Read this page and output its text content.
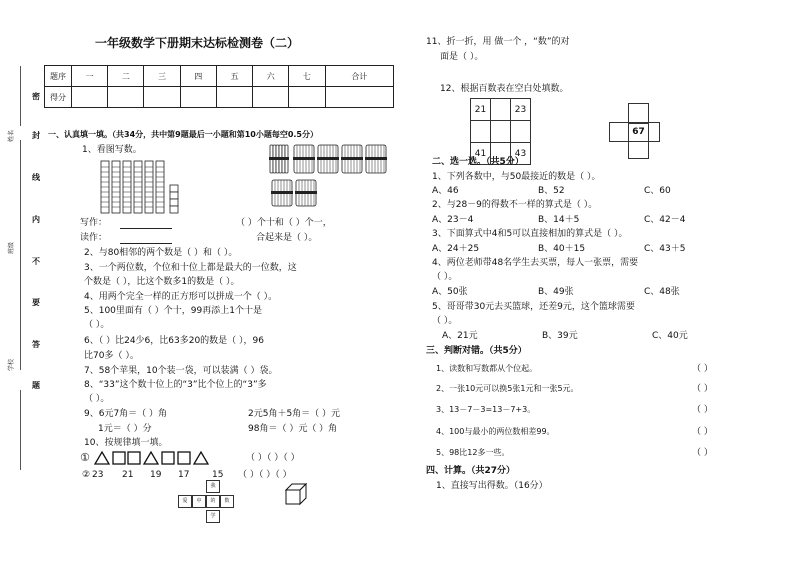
密
封
线
内
不
要
答
题
姓名
班级
学校
一年级数学下册期末达标检测卷（二）
题序	一	二	三	四	五	六	七	合计
得分								
一、认真填一填。（共34分，共中第9题最后一小题和第10小题每空0.5分）
1、看图写数。
写作：	（ ）个十和（ ）个一，
读作：	合起来是（ ）。
2、与80相邻的两个数是（ ）和（ ）。
3、一个两位数，个位和十位上都是最大的一位数，这
个数是（ ），比这个数多1的数是（ ）。
4、用两个完全一样的正方形可以拼成一个（ ）。
5、100里面有（ ）个十，99再添上1个十是
（ ）。
6、（ ）比24少6，比63多20的数是（ ），96
比70多（ ）。
7、58个苹果，10个装一袋，可以装满（ ）袋。
8、“33”这个数十位上的“3”比个位上的“3”多
（ ）。
9、6元7角＝（ ）角	2元5角＋5角＝（ ）元
1元＝（ ）分	98角＝（ ）元（ ）角
10、按规律填一填。
①	（ ）（ ）（ ）
② 23 21 19 17	15 （ ）（ ）（ ）
我
爱	中	的	数
学
11、折一折，用 做一个 ，“数”的对
面是（ ）。
12、根据百数表在空白处填数。
21		23

41		43
67
二、选一选。（共5分）
1、下列各数中，与50最接近的数是（ ）。
A、46	B、52	C、60
2、与28－9的得数不一样的算式是（ ）。
A、23－4	B、14＋5	C、42－4
3、下面算式中4和5可以直接相加的算式是（ ）。
A、24＋25	B、40＋15	C、43＋5
4、两位老师带48名学生去买票，每人一张票，需要
（ ）。
A、50张	B、49张	C、48张
5、哥哥带30元去买篮球，还差9元，这个篮球需要
（ ）。
A、21元	B、39元	C、40元
三、判断对错。（共5分）
1、读数和写数都从个位起。	（ ）
2、一张10元可以换5张1元和一张5元。	（ ）
3、13－7－3=13－7+3。	（ ）
4、100与最小的两位数相差99。	（ ）
5、98比12多一些。	（ ）
四、计算。（共27分）
1、直接写出得数。（16分）
